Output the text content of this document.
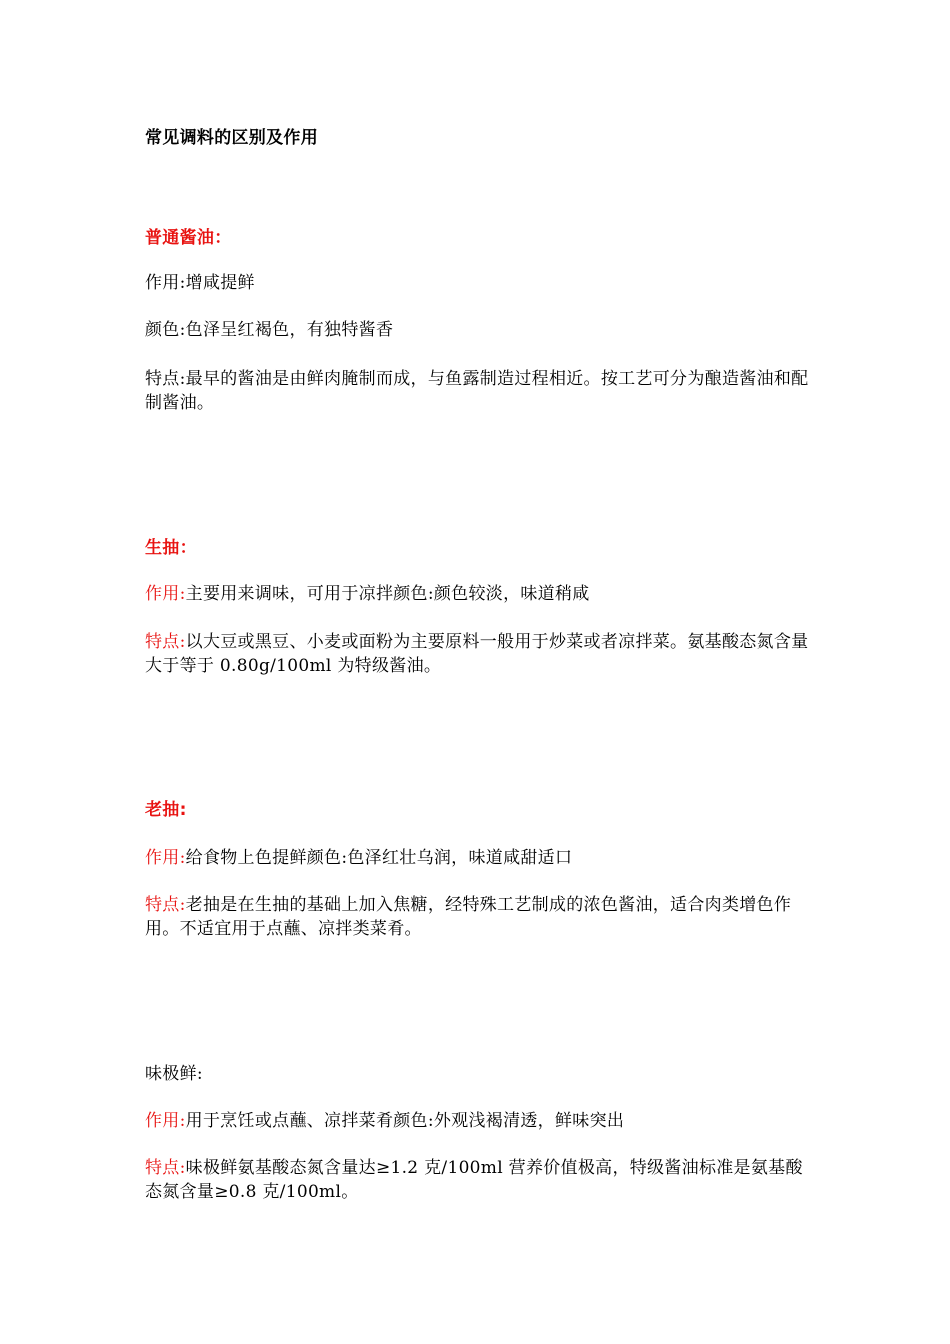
常见调料的区别及作用
普通酱油：
作用:增咸提鲜
颜色:色泽呈红褐色，有独特酱香
特点:最早的酱油是由鲜肉腌制而成，与鱼露制造过程相近。按工艺可分为酿造酱油和配制酱油。
生抽：
作用:主要用来调味，可用于凉拌颜色:颜色较淡，味道稍咸
特点:以大豆或黑豆、小麦或面粉为主要原料一般用于炒菜或者凉拌菜。氨基酸态氮含量大于等于 0.80g/100ml 为特级酱油。
老抽:
作用:给食物上色提鲜颜色:色泽红壮乌润，味道咸甜适口
特点:老抽是在生抽的基础上加入焦糖，经特殊工艺制成的浓色酱油，适合肉类增色作用。不适宜用于点蘸、凉拌类菜肴。
味极鲜:
作用:用于烹饪或点蘸、凉拌菜肴颜色:外观浅褐清透，鲜味突出
特点:味极鲜氨基酸态氮含量达≥1.2 克/100ml 营养价值极高，特级酱油标准是氨基酸态氮含量≥0.8 克/100ml。
